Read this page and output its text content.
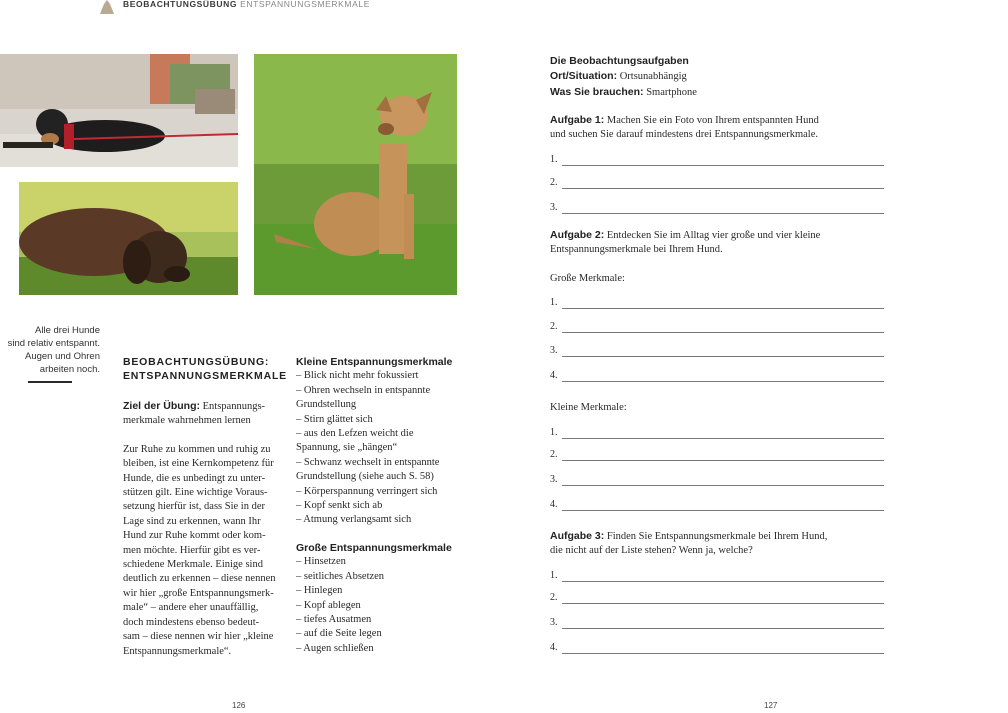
BEOBACHTUNGSÜBUNG ENTSPANNUNGSMERKMALE
Alle drei Hunde
sind relativ entspannt.
Augen und Ohren
arbeiten noch.
BEOBACHTUNGSÜBUNG:
ENTSPANNUNGSMERKMALE
Ziel der Übung: Entspannungs-
merkmale wahrnehmen lernen
Zur Ruhe zu kommen und ruhig zu
bleiben, ist eine Kernkompetenz für
Hunde, die es unbedingt zu unter-
stützen gilt. Eine wichtige Voraus-
setzung hierfür ist, dass Sie in der
Lage sind zu erkennen, wann Ihr
Hund zur Ruhe kommt oder kom-
men möchte. Hierfür gibt es ver-
schiedene Merkmale. Einige sind
deutlich zu erkennen – diese nennen
wir hier „große Entspannungsmerk-
male“ – andere eher unauffällig,
doch mindestens ebenso bedeut-
sam – diese nennen wir hier „kleine
Entspannungsmerkmale“.
Kleine Entspannungsmerkmale
– Blick nicht mehr fokussiert
– Ohren wechseln in entspannte
Grundstellung
– Stirn glättet sich
– aus den Lefzen weicht die
Spannung, sie „hängen“
– Schwanz wechselt in entspannte
Grundstellung (siehe auch S. 58)
– Körperspannung verringert sich
– Kopf senkt sich ab
– Atmung verlangsamt sich
Große Entspannungsmerkmale
– Hinsetzen
– seitliches Absetzen
– Hinlegen
– Kopf ablegen
– tiefes Ausatmen
– auf die Seite legen
– Augen schließen
Die Beobachtungsaufgaben
Ort/Situation: Ortsunabhängig
Was Sie brauchen: Smartphone
Aufgabe 1: Machen Sie ein Foto von Ihrem entspannten Hund
und suchen Sie darauf mindestens drei Entspannungsmerkmale.
1.
2.
3.
Aufgabe 2: Entdecken Sie im Alltag vier große und vier kleine
Entspannungsmerkmale bei Ihrem Hund.
Große Merkmale:
1.
2.
3.
4.
Kleine Merkmale:
1.
2.
3.
4.
Aufgabe 3: Finden Sie Entspannungsmerkmale bei Ihrem Hund,
die nicht auf der Liste stehen? Wenn ja, welche?
1.
2.
3.
4.
126	127
